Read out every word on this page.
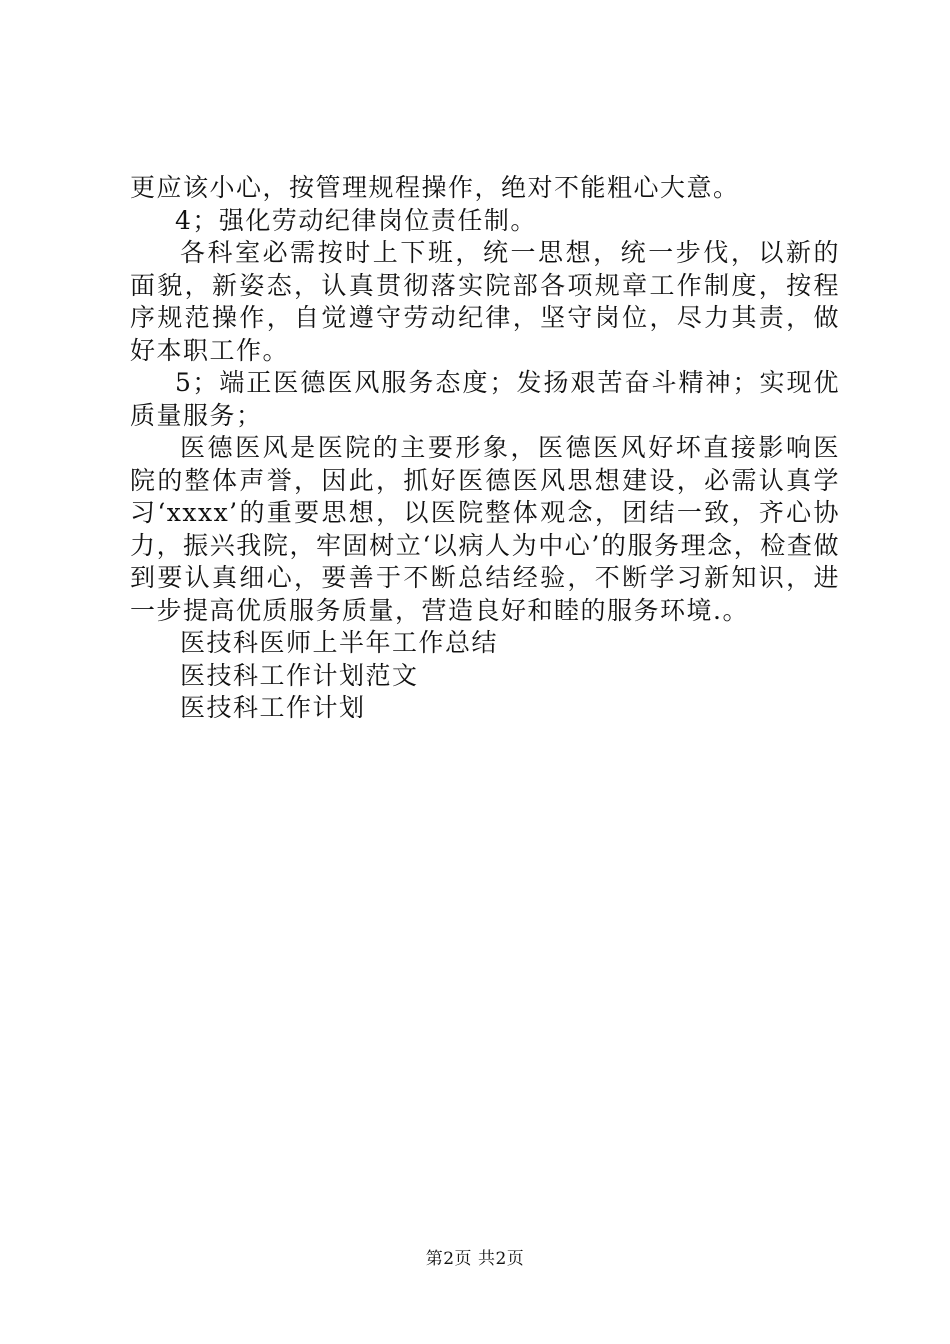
更应该小心，按管理规程操作，绝对不能粗心大意。

4；强化劳动纪律岗位责任制。

各科室必需按时上下班，统一思想，统一步伐，以新的面貌，新姿态，认真贯彻落实院部各项规章工作制度，按程序规范操作，自觉遵守劳动纪律，坚守岗位，尽力其责，做好本职工作。

5；端正医德医风服务态度；发扬艰苦奋斗精神；实现优质量服务；

医德医风是医院的主要形象，医德医风好坏直接影响医院的整体声誉，因此，抓好医德医风思想建设，必需认真学习‘xxxx’的重要思想，以医院整体观念，团结一致，齐心协力，振兴我院，牢固树立‘以病人为中心’的服务理念，检查做到要认真细心，要善于不断总结经验，不断学习新知识，进一步提高优质服务质量，营造良好和睦的服务环境.。

医技科医师上半年工作总结

医技科工作计划范文

医技科工作计划

第2页 共2页
